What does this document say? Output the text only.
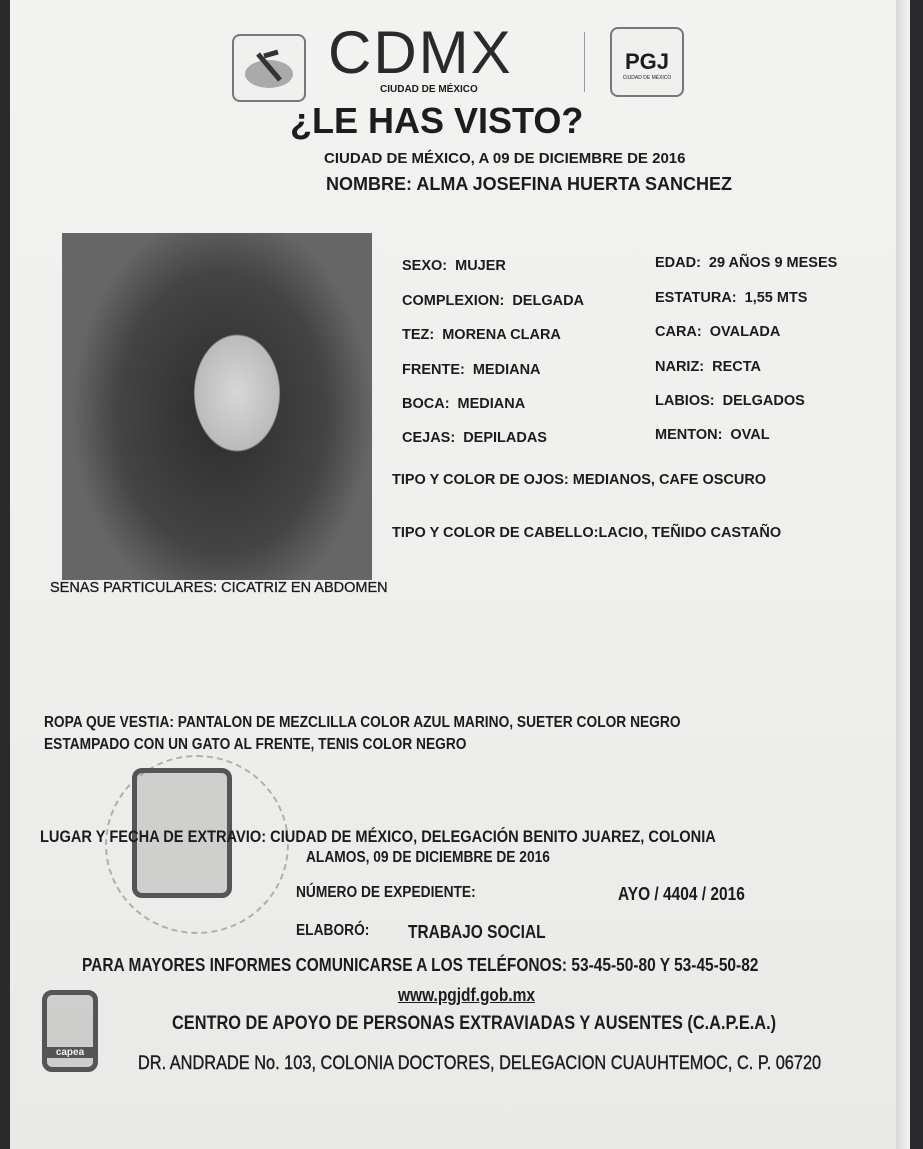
CDMX
CIUDAD DE MÉXICO
PGJ
CIUDAD DE MÉXICO
¿LE HAS VISTO?
CIUDAD DE MÉXICO, A 09 DE DICIEMBRE DE 2016
NOMBRE: ALMA JOSEFINA HUERTA SANCHEZ
SEXO: MUJER
COMPLEXION: DELGADA
TEZ: MORENA CLARA
FRENTE: MEDIANA
BOCA: MEDIANA
CEJAS: DEPILADAS
EDAD: 29 AÑOS 9 MESES
ESTATURA: 1,55 MTS
CARA: OVALADA
NARIZ: RECTA
LABIOS: DELGADOS
MENTON: OVAL
TIPO Y COLOR DE OJOS: MEDIANOS, CAFE OSCURO
TIPO Y COLOR DE CABELLO:LACIO, TEÑIDO CASTAÑO
SENAS PARTICULARES: CICATRIZ EN ABDOMEN
ROPA QUE VESTIA: PANTALON DE MEZCLILLA COLOR AZUL MARINO, SUETER COLOR NEGRO
ESTAMPADO CON UN GATO AL FRENTE, TENIS COLOR NEGRO
LUGAR Y FECHA DE EXTRAVIO: CIUDAD DE MÉXICO, DELEGACIÓN BENITO JUAREZ, COLONIA
ALAMOS, 09 DE DICIEMBRE DE 2016
NÚMERO DE EXPEDIENTE:	AYO / 4404 / 2016
ELABORÓ: TRABAJO SOCIAL
PARA MAYORES INFORMES COMUNICARSE A LOS TELÉFONOS: 53-45-50-80 Y 53-45-50-82
www.pgjdf.gob.mx
CENTRO DE APOYO DE PERSONAS EXTRAVIADAS Y AUSENTES (C.A.P.E.A.)
DR. ANDRADE No. 103, COLONIA DOCTORES, DELEGACION CUAUHTEMOC, C. P. 06720
capea
